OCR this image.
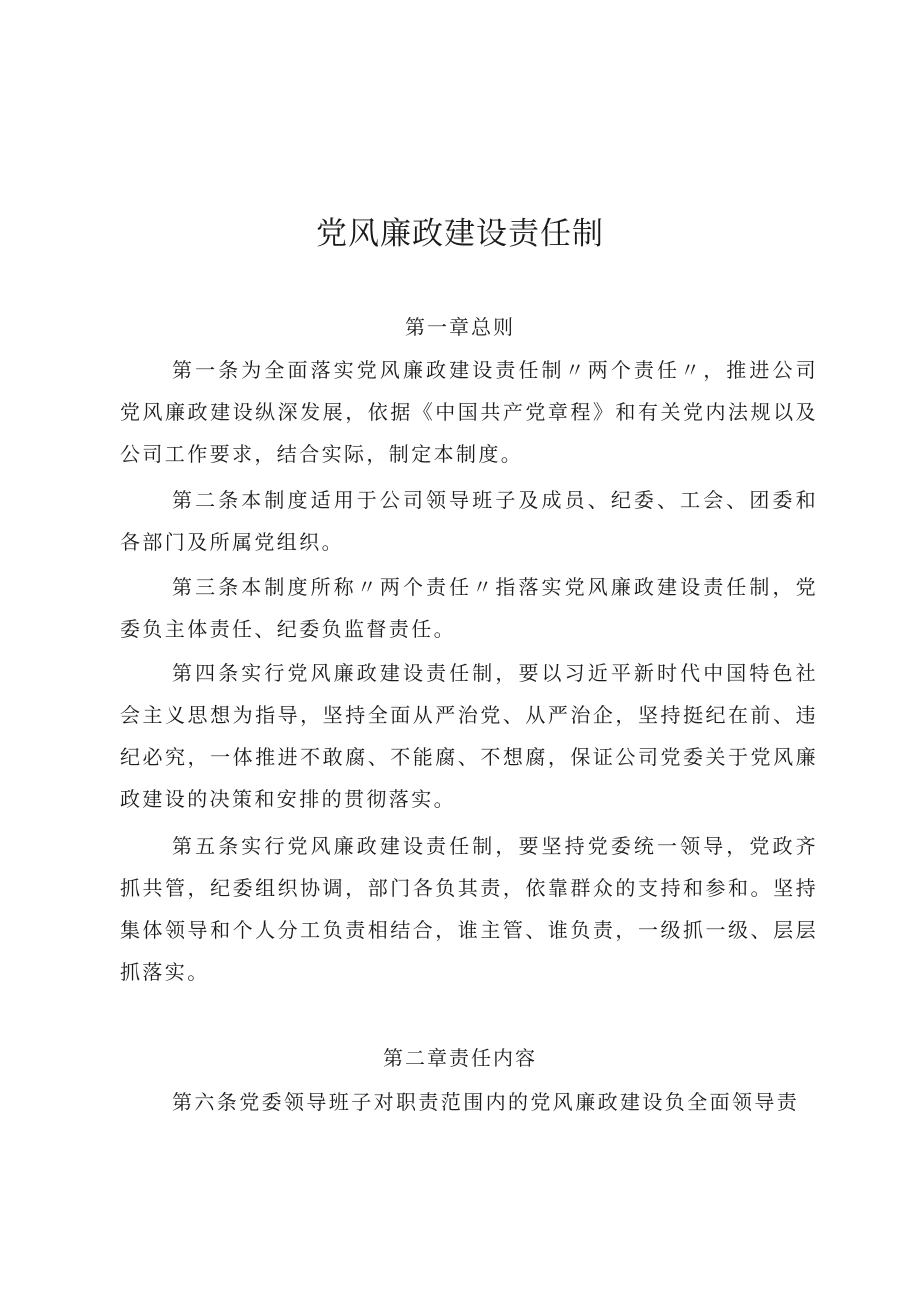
党风廉政建设责任制
第一章总则

第一条为全面落实党风廉政建设责任制〃两个责任〃，推进公司党风廉政建设纵深发展，依据《中国共产党章程》和有关党内法规以及公司工作要求，结合实际，制定本制度。

第二条本制度适用于公司领导班子及成员、纪委、工会、团委和各部门及所属党组织。

第三条本制度所称〃两个责任〃指落实党风廉政建设责任制，党委负主体责任、纪委负监督责任。

第四条实行党风廉政建设责任制，要以习近平新时代中国特色社会主义思想为指导，坚持全面从严治党、从严治企，坚持挺纪在前、违纪必究，一体推进不敢腐、不能腐、不想腐，保证公司党委关于党风廉政建设的决策和安排的贯彻落实。

第五条实行党风廉政建设责任制，要坚持党委统一领导，党政齐抓共管，纪委组织协调，部门各负其责，依靠群众的支持和参和。坚持集体领导和个人分工负责相结合，谁主管、谁负责，一级抓一级、层层抓落实。

第二章责任内容

第六条党委领导班子对职责范围内的党风廉政建设负全面领导责
